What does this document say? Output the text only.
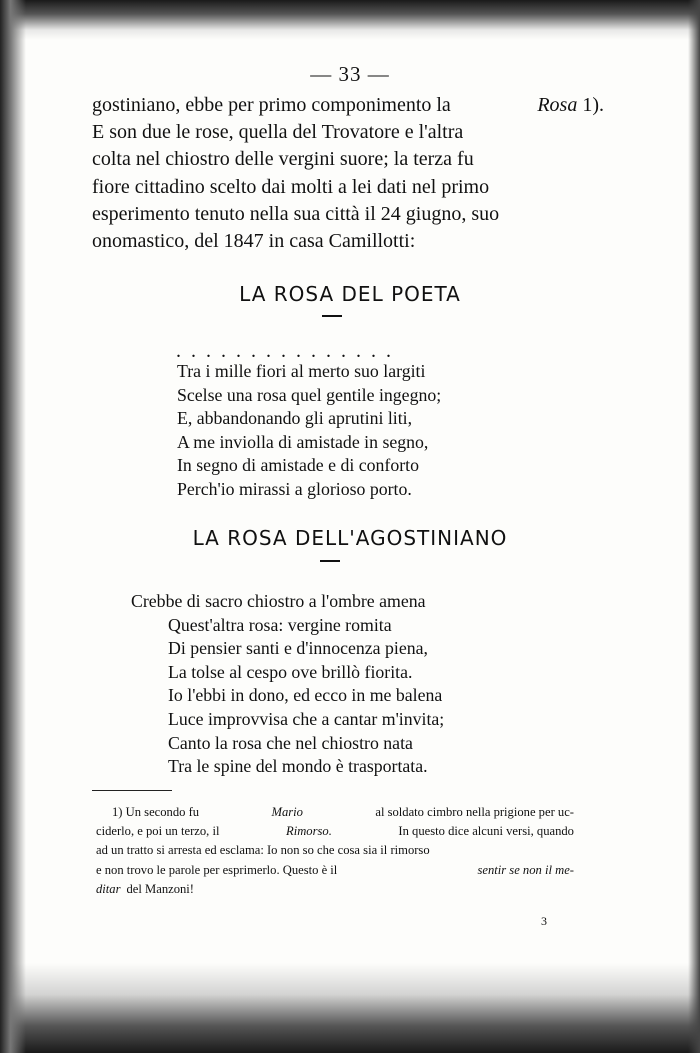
— 33 —
gostiniano, ebbe per primo componimento la	Rosa 1).
E son due le rose, quella del Trovatore e l'altra
colta nel chiostro delle vergini suore; la terza fu
fiore cittadino scelto dai molti a lei dati nel primo
esperimento tenuto nella sua città il 24 giugno, suo
onomastico, del 1847 in casa Camillotti:
LA ROSA DEL POETA
...............
Tra i mille fiori al merto suo largiti
Scelse una rosa quel gentile ingegno;
E, abbandonando gli aprutini liti,
A me inviolla di amistade in segno,
In segno di amistade e di conforto
Perch'io mirassi a glorioso porto.
LA ROSA DELL'AGOSTINIANO
Crebbe di sacro chiostro a l'ombre amena
Quest'altra rosa: vergine romita
Di pensier santi e d'innocenza piena,
La tolse al cespo ove brillò fiorita.
Io l'ebbi in dono, ed ecco in me balena
Luce improvvisa che a cantar m'invita;
Canto la rosa che nel chiostro nata
Tra le spine del mondo è trasportata.
1) Un secondo fu	Mario	al soldato cimbro nella prigione per uc-
ciderlo, e poi un terzo, il	Rimorso.	In questo dice alcuni versi, quando
ad un tratto si arresta ed esclama: Io non so che cosa sia il rimorso
e non trovo le parole per esprimerlo. Questo è il	sentir se non il me-
ditar del Manzoni!
3
